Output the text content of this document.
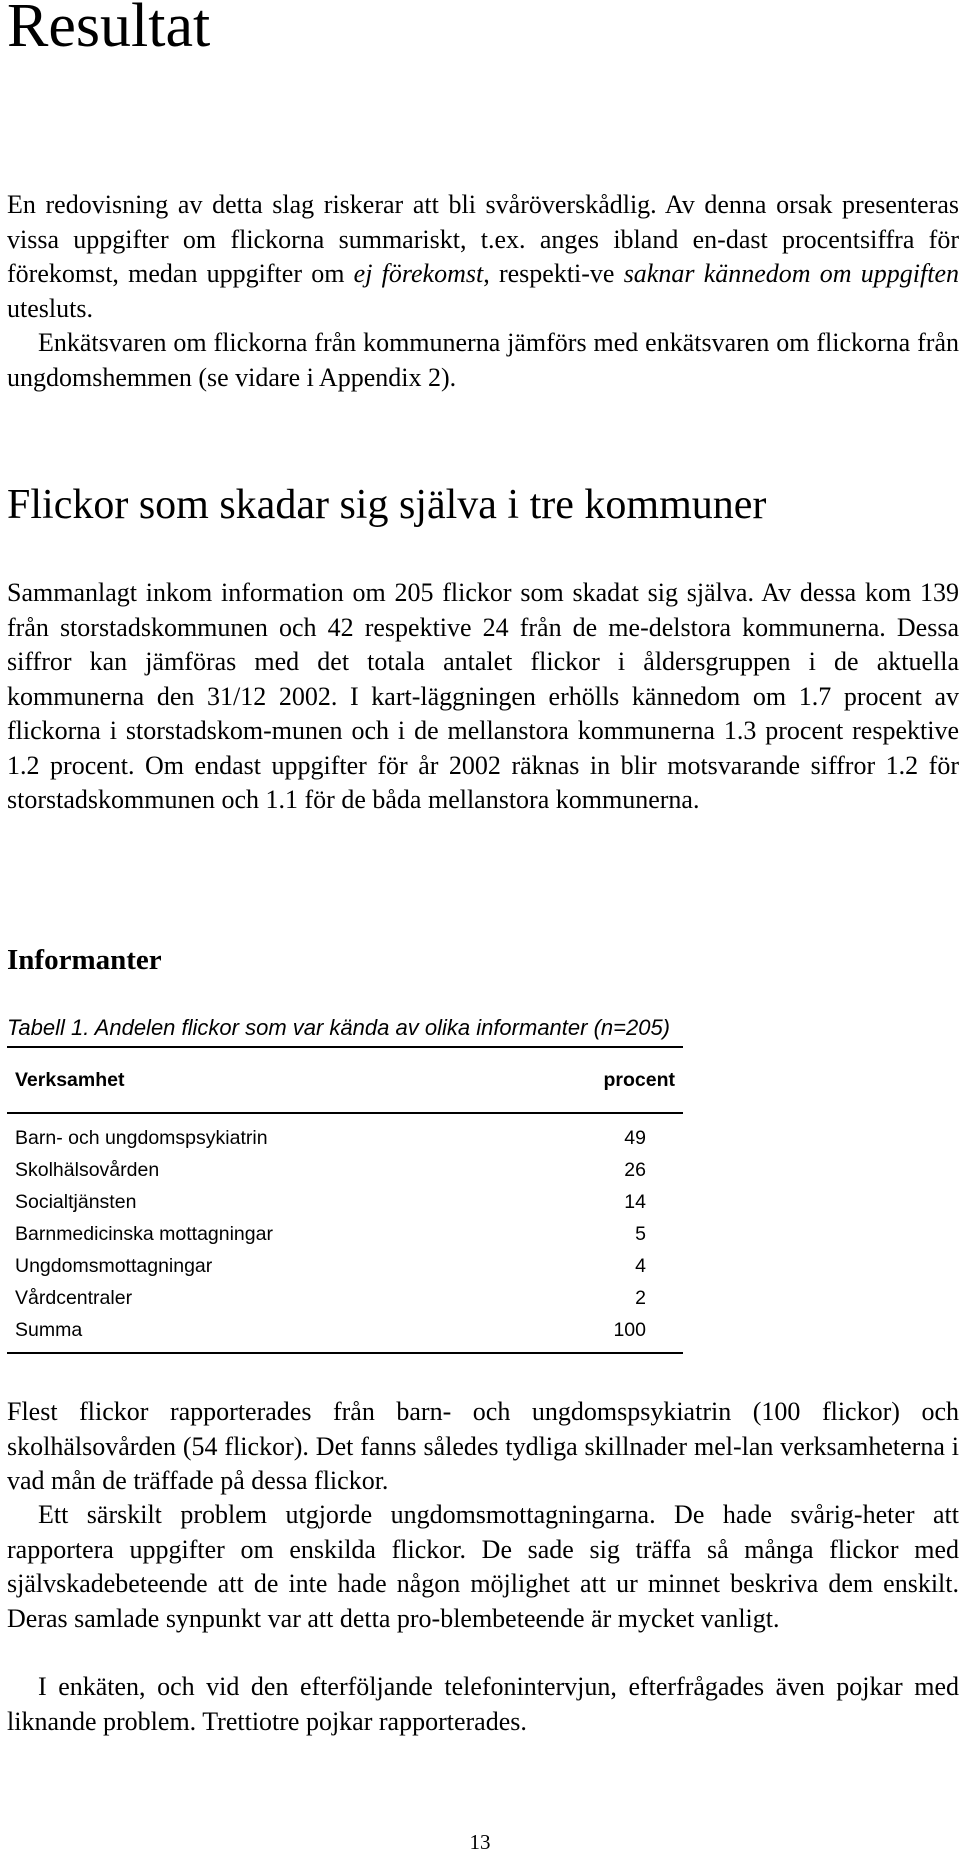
Resultat

En redovisning av detta slag riskerar att bli svåröverskådlig. Av denna orsak presenteras vissa uppgifter om flickorna summariskt, t.ex. anges ibland en-dast procentsiffra för förekomst, medan uppgifter om ej förekomst, respekti-ve saknar kännedom om uppgiften utesluts.

Enkätsvaren om flickorna från kommunerna jämförs med enkätsvaren om flickorna från ungdomshemmen (se vidare i Appendix 2).

Flickor som skadar sig själva i tre kommuner

Sammanlagt inkom information om 205 flickor som skadat sig själva. Av dessa kom 139 från storstadskommunen och 42 respektive 24 från de me-delstora kommunerna. Dessa siffror kan jämföras med det totala antalet flickor i åldersgruppen i de aktuella kommunerna den 31/12 2002. I kart-läggningen erhölls kännedom om 1.7 procent av flickorna i storstadskom-munen och i de mellanstora kommunerna 1.3 procent respektive 1.2 procent. Om endast uppgifter för år 2002 räknas in blir motsvarande siffror 1.2 för storstadskommunen och 1.1 för de båda mellanstora kommunerna.

Informanter
Tabell 1. Andelen flickor som var kända av olika informanter (n=205)
Verksamhet	procent
Barn- och ungdomspsykiatrin	49
Skolhälsovården	26
Socialtjänsten	14
Barnmedicinska mottagningar	5
Ungdomsmottagningar	4
Vårdcentraler	2
Summa	100

Flest flickor rapporterades från barn- och ungdomspsykiatrin (100 flickor) och skolhälsovården (54 flickor). Det fanns således tydliga skillnader mel-lan verksamheterna i vad mån de träffade på dessa flickor.

Ett särskilt problem utgjorde ungdomsmottagningarna. De hade svårig-heter att rapportera uppgifter om enskilda flickor. De sade sig träffa så många flickor med självskadebeteende att de inte hade någon möjlighet att ur minnet beskriva dem enskilt. Deras samlade synpunkt var att detta pro-blembeteende är mycket vanligt.

I enkäten, och vid den efterföljande telefonintervjun, efterfrågades även pojkar med liknande problem. Trettiotre pojkar rapporterades.

13
